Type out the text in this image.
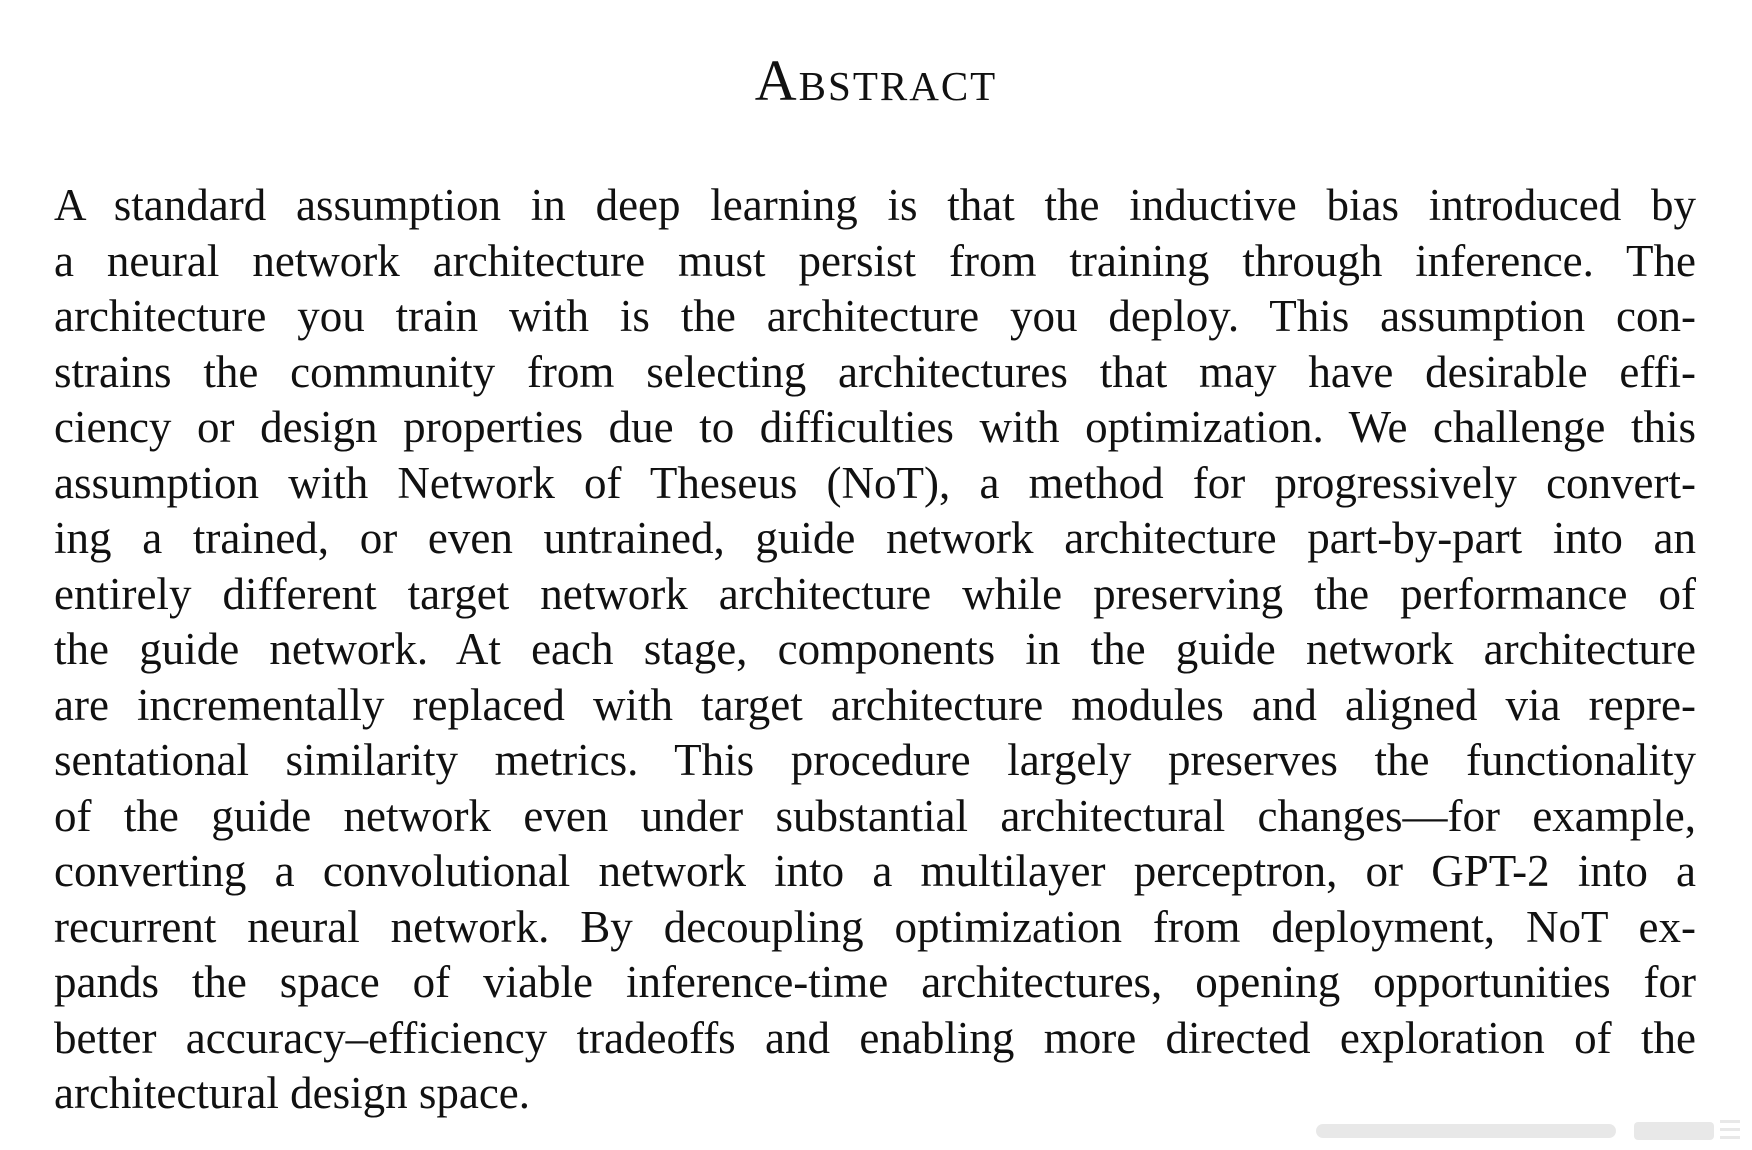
Abstract
A standard assumption in deep learning is that the inductive bias introduced by
a neural network architecture must persist from training through inference. The
architecture you train with is the architecture you deploy. This assumption con-
strains the community from selecting architectures that may have desirable effi-
ciency or design properties due to difficulties with optimization. We challenge this
assumption with Network of Theseus (NoT), a method for progressively convert-
ing a trained, or even untrained, guide network architecture part-by-part into an
entirely different target network architecture while preserving the performance of
the guide network. At each stage, components in the guide network architecture
are incrementally replaced with target architecture modules and aligned via repre-
sentational similarity metrics. This procedure largely preserves the functionality
of the guide network even under substantial architectural changes—for example,
converting a convolutional network into a multilayer perceptron, or GPT-2 into a
recurrent neural network. By decoupling optimization from deployment, NoT ex-
pands the space of viable inference-time architectures, opening opportunities for
better accuracy–efficiency tradeoffs and enabling more directed exploration of the
architectural design space.
